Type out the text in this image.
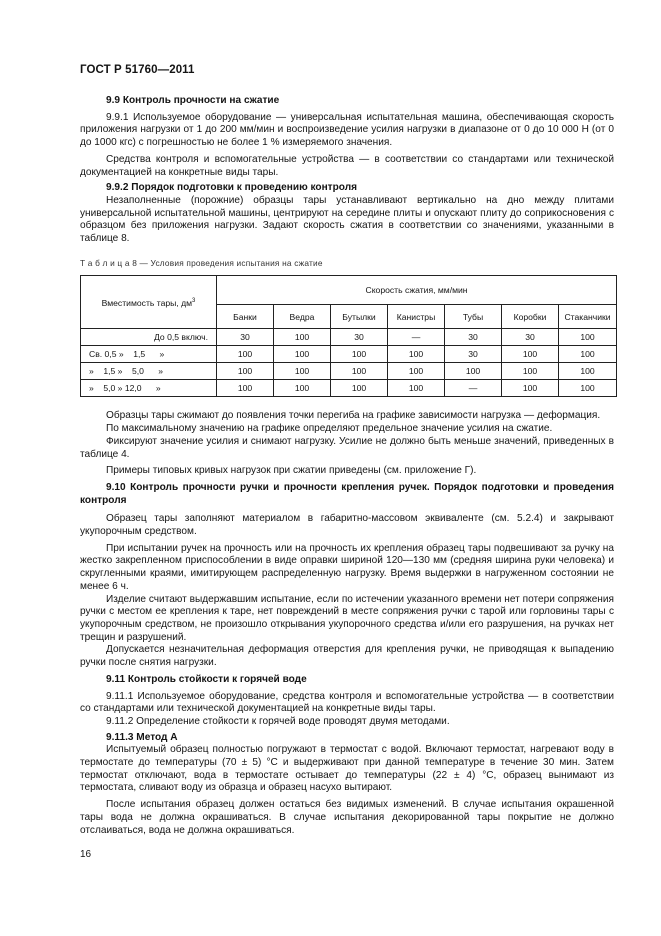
ГОСТ Р 51760—2011

9.9 Контроль прочности на сжатие

9.9.1 Используемое оборудование — универсальная испытательная машина, обеспечивающая скорость приложения нагрузки от 1 до 200 мм/мин и воспроизведение усилия нагрузки в диапазоне от 0 до 10 000 Н (от 0 до 1000 кгс) с погрешностью не более 1 % измеряемого значения.

Средства контроля и вспомогательные устройства — в соответствии со стандартами или технической документацией на конкретные виды тары.

9.9.2 Порядок подготовки к проведению контроля

Незаполненные (порожние) образцы тары устанавливают вертикально на дно между плитами универсальной испытательной машины, центрируют на середине плиты и опускают плиту до соприкосновения с образцом без приложения нагрузки. Задают скорость сжатия в соответствии со значениями, указанными в таблице 8.

Т а б л и ц а 8 — Условия проведения испытания на сжатие
Вместимость тары, $дм^3$	Скорость сжатия, мм/мин						
	Банки	Ведра	Бутылки	Канистры	Тубы	Коробки	Стаканчики
До 0,5 включ.	30	100	30	—	30	30	100
Св. 0,5 »    1,5      »	100	100	100	100	30	100	100
»    1,5 »    5,0      »	100	100	100	100	100	100	100
»    5,0 » 12,0      »	100	100	100	100	—	100	100

Образцы тары сжимают до появления точки перегиба на графике зависимости нагрузка — деформация.

По максимальному значению на графике определяют предельное значение усилия на сжатие.

Фиксируют значение усилия и снимают нагрузку. Усилие не должно быть меньше значений, приведенных в таблице 4.

Примеры типовых кривых нагрузок при сжатии приведены (см. приложение Г).

9.10 Контроль прочности ручки и прочности крепления ручек. Порядок подготовки и проведения контроля

Образец тары заполняют материалом в габаритно-массовом эквиваленте (см. 5.2.4) и закрывают укупорочным средством.

При испытании ручек на прочность или на прочность их крепления образец тары подвешивают за ручку на жестко закрепленном приспособлении в виде оправки шириной 120—130 мм (средняя ширина руки человека) и скругленными краями, имитирующем распределенную нагрузку. Время выдержки в нагруженном состоянии не менее 6 ч.

Изделие считают выдержавшим испытание, если по истечении указанного времени нет потери сопряжения ручки с местом ее крепления к таре, нет повреждений в месте сопряжения ручки с тарой или горловины тары с укупорочным средством, не произошло открывания укупорочного средства и/или его разрушения, на ручках нет трещин и разрушений.

Допускается незначительная деформация отверстия для крепления ручки, не приводящая к выпадению ручки после снятия нагрузки.

9.11 Контроль стойкости к горячей воде

9.11.1 Используемое оборудование, средства контроля и вспомогательные устройства — в соответствии со стандартами или технической документацией на конкретные виды тары.

9.11.2 Определение стойкости к горячей воде проводят двумя методами.

9.11.3 Метод А

Испытуемый образец полностью погружают в термостат с водой. Включают термостат, нагревают воду в термостате до температуры (70 ± 5) °С и выдерживают при данной температуре в течение 30 мин. Затем термостат отключают, вода в термостате остывает до температуры (22 ± 4) °С, образец вынимают из термостата, сливают воду из образца и образец насухо вытирают.

После испытания образец должен остаться без видимых изменений. В случае испытания окрашенной тары вода не должна окрашиваться. В случае испытания декорированной тары покрытие не должно отслаиваться, вода не должна окрашиваться.

16
